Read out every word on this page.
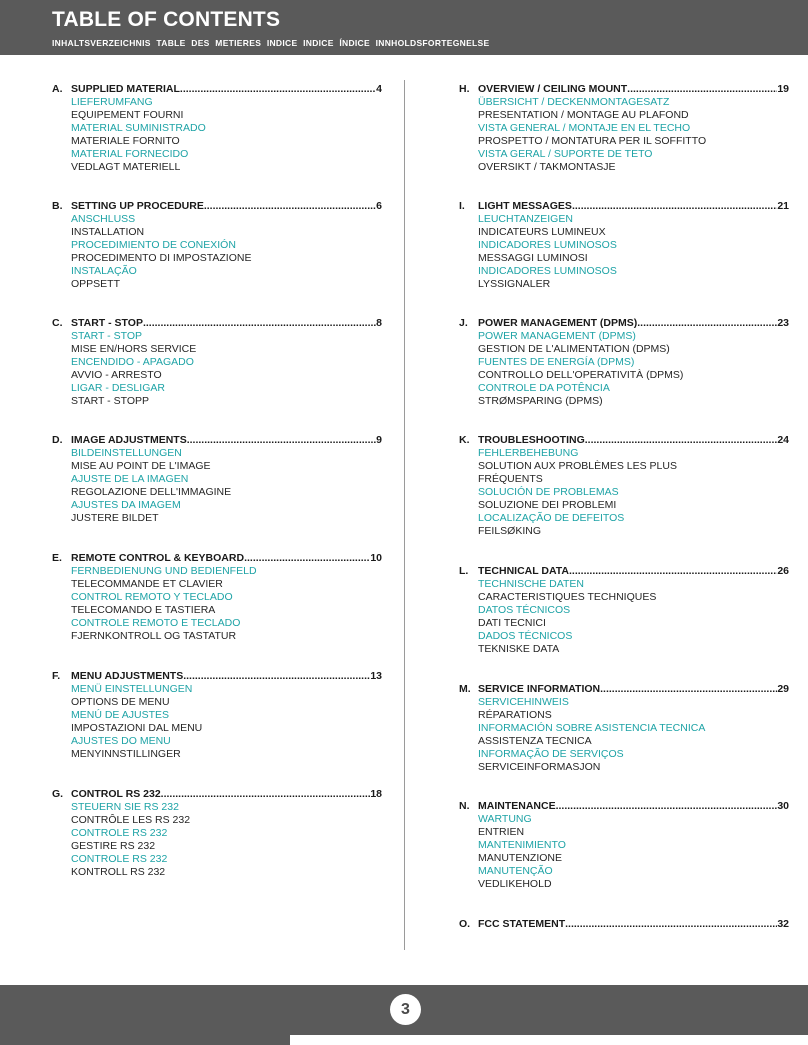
TABLE OF CONTENTS
INHALTSVERZEICHNIS TABLE DES METIERES INDICE INDICE ÍNDICE INNHOLDSFORTEGNELSE
A. SUPPLIED MATERIAL .....	4
LIEFERUMFANG
EQUIPEMENT FOURNI
MATERIAL SUMINISTRADO
MATERIALE FORNITO
MATERIAL FORNECIDO
VEDLAGT MATERIELL
B. SETTING UP PROCEDURE .....	6
ANSCHLUSS
INSTALLATION
PROCEDIMIENTO DE CONEXIÓN
PROCEDIMENTO DI IMPOSTAZIONE
INSTALAÇÃO
OPPSETT
C. START - STOP .....	8
START - STOP
MISE EN/HORS SERVICE
ENCENDIDO - APAGADO
AVVIO - ARRESTO
LIGAR - DESLIGAR
START - STOPP
D. IMAGE ADJUSTMENTS .....	9
BILDEINSTELLUNGEN
MISE AU POINT DE L'IMAGE
AJUSTE DE LA IMAGEN
REGOLAZIONE DELL'IMMAGINE
AJUSTES DA IMAGEM
JUSTERE BILDET
E. REMOTE CONTROL & KEYBOARD .....	10
FERNBEDIENUNG UND BEDIENFELD
TELECOMMANDE ET CLAVIER
CONTROL REMOTO Y TECLADO
TELECOMANDO E TASTIERA
CONTROLE REMOTO E TECLADO
FJERNKONTROLL OG TASTATUR
F.	MENU ADJUSTMENTS .....	13
MENÜ EINSTELLUNGEN
OPTIONS DE MENU
MENÚ DE AJUSTES
IMPOSTAZIONI DAL MENU
AJUSTES DO MENU
MENYINNSTILLINGER
G. CONTROL RS 232 .....	18
STEUERN SIE RS 232
CONTRÔLE LES RS 232
CONTROLE RS 232
GESTIRE RS 232
CONTROLE RS 232
KONTROLL RS 232
H. OVERVIEW / CEILING MOUNT .....	19
ÜBERSICHT / DECKENMONTAGESATZ
PRESENTATION / MONTAGE AU PLAFOND
VISTA GENERAL / MONTAJE EN EL TECHO
PROSPETTO / MONTATURA PER IL SOFFITTO
VISTA GERAL / SUPORTE DE TETO
OVERSIKT / TAKMONTASJE
I.	LIGHT MESSAGES .....	21
LEUCHTANZEIGEN
INDICATEURS LUMINEUX
INDICADORES LUMINOSOS
MESSAGGI LUMINOSI
INDICADORES LUMINOSOS
LYSSIGNALER
J. POWER MANAGEMENT (DPMS) .....	23
POWER MANAGEMENT (DPMS)
GESTION DE L'ALIMENTATION (DPMS)
FUENTES DE ENERGÍA (DPMS)
CONTROLLO DELL'OPERATIVITÀ (DPMS)
CONTROLE DA POTÊNCIA
STRØMSPARING (DPMS)
K. TROUBLESHOOTING .....	24
FEHLERBEHEBUNG
SOLUTION AUX PROBLÈMES LES PLUS
FRÉQUENTS
SOLUCIÓN DE PROBLEMAS
SOLUZIONE DEI PROBLEMI
LOCALIZAÇÃO DE DEFEITOS
FEILSØKING
L. TECHNICAL DATA .....	26
TECHNISCHE DATEN
CARACTERISTIQUES TECHNIQUES
DATOS TÉCNICOS
DATI TECNICI
DADOS TÉCNICOS
TEKNISKE DATA
M. SERVICE INFORMATION .....	29
SERVICEHINWEIS
RÉPARATIONS
INFORMACIÓN SOBRE ASISTENCIA TECNICA
ASSISTENZA TECNICA
INFORMAÇÃO DE SERVIÇOS
SERVICEINFORMASJON
N. MAINTENANCE .....	30
WARTUNG
ENTRIEN
MANTENIMIENTO
MANUTENZIONE
MANUTENÇÃO
VEDLIKEHOLD
O. FCC STATEMENT .....	32
3
